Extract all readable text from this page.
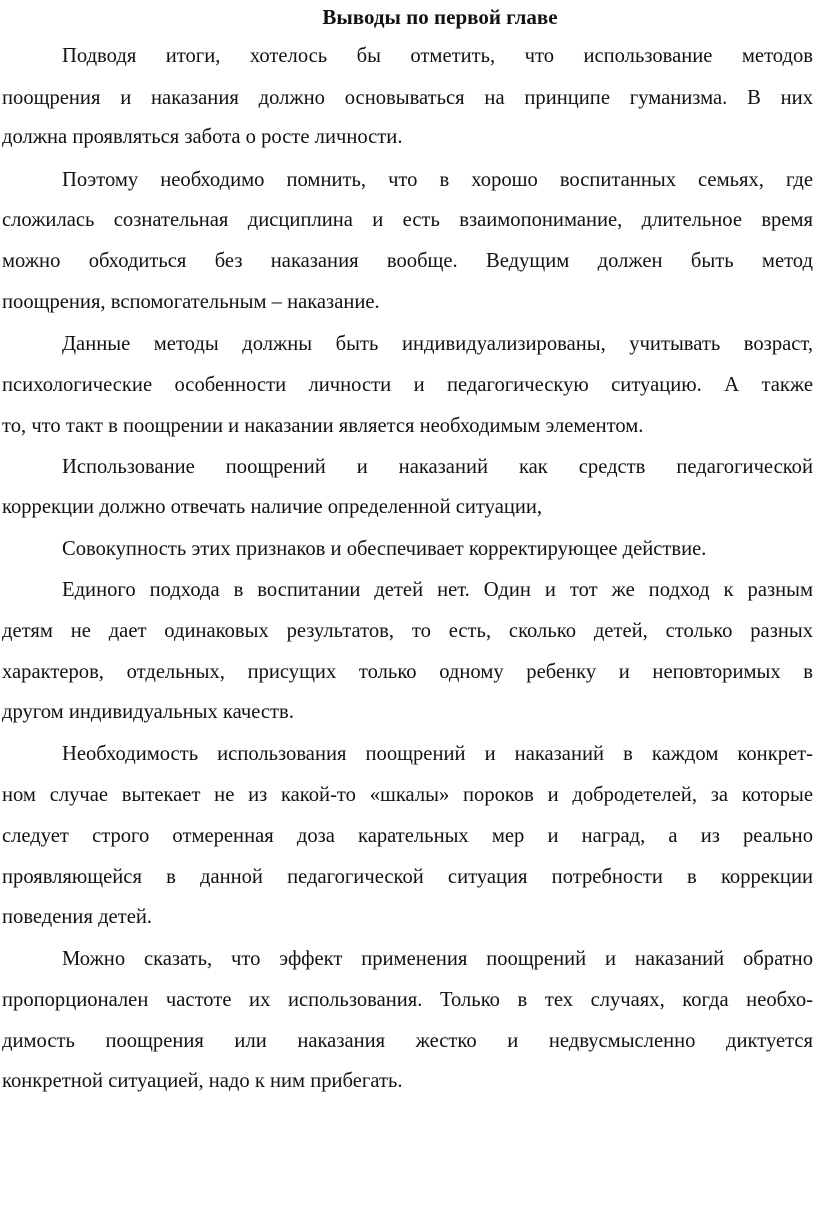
Выводы по первой главе

Подводя итоги, хотелось бы отметить, что использование методов

поощрения и наказания должно основываться на принципе гуманизма. В них

должна проявляться забота о росте личности.

Поэтому необходимо помнить, что в хорошо воспитанных семьях, где

сложилась сознательная дисциплина и есть взаимопонимание, длительное время

можно обходиться без наказания вообще. Ведущим должен быть метод

поощрения, вспомогательным – наказание.

Данные методы должны быть индивидуализированы, учитывать возраст,

психологические особенности личности и педагогическую ситуацию. А также

то, что такт в поощрении и наказании является необходимым элементом.

Использование поощрений и наказаний как средств педагогической

коррекции должно отвечать наличие определенной ситуации,

Совокупность этих признаков и обеспечивает корректирующее действие.

Единого подхода в воспитании детей нет. Один и тот же подход к разным

детям не дает одинаковых результатов, то есть, сколько детей, столько разных

характеров, отдельных, присущих только одному ребенку и неповторимых в

другом индивидуальных качеств.

Необходимость использования поощрений и наказаний в каждом конкрет-

ном случае вытекает не из какой-то «шкалы» пороков и добродетелей, за которые

следует строго отмеренная доза карательных мер и наград, а из реально

проявляющейся в данной педагогической ситуация потребности в коррекции

поведения детей.

Можно сказать, что эффект применения поощрений и наказаний обратно

пропорционален частоте их использования. Только в тех случаях, когда необхо-

димость поощрения или наказания жестко и недвусмысленно диктуется

конкретной ситуацией, надо к ним прибегать.
